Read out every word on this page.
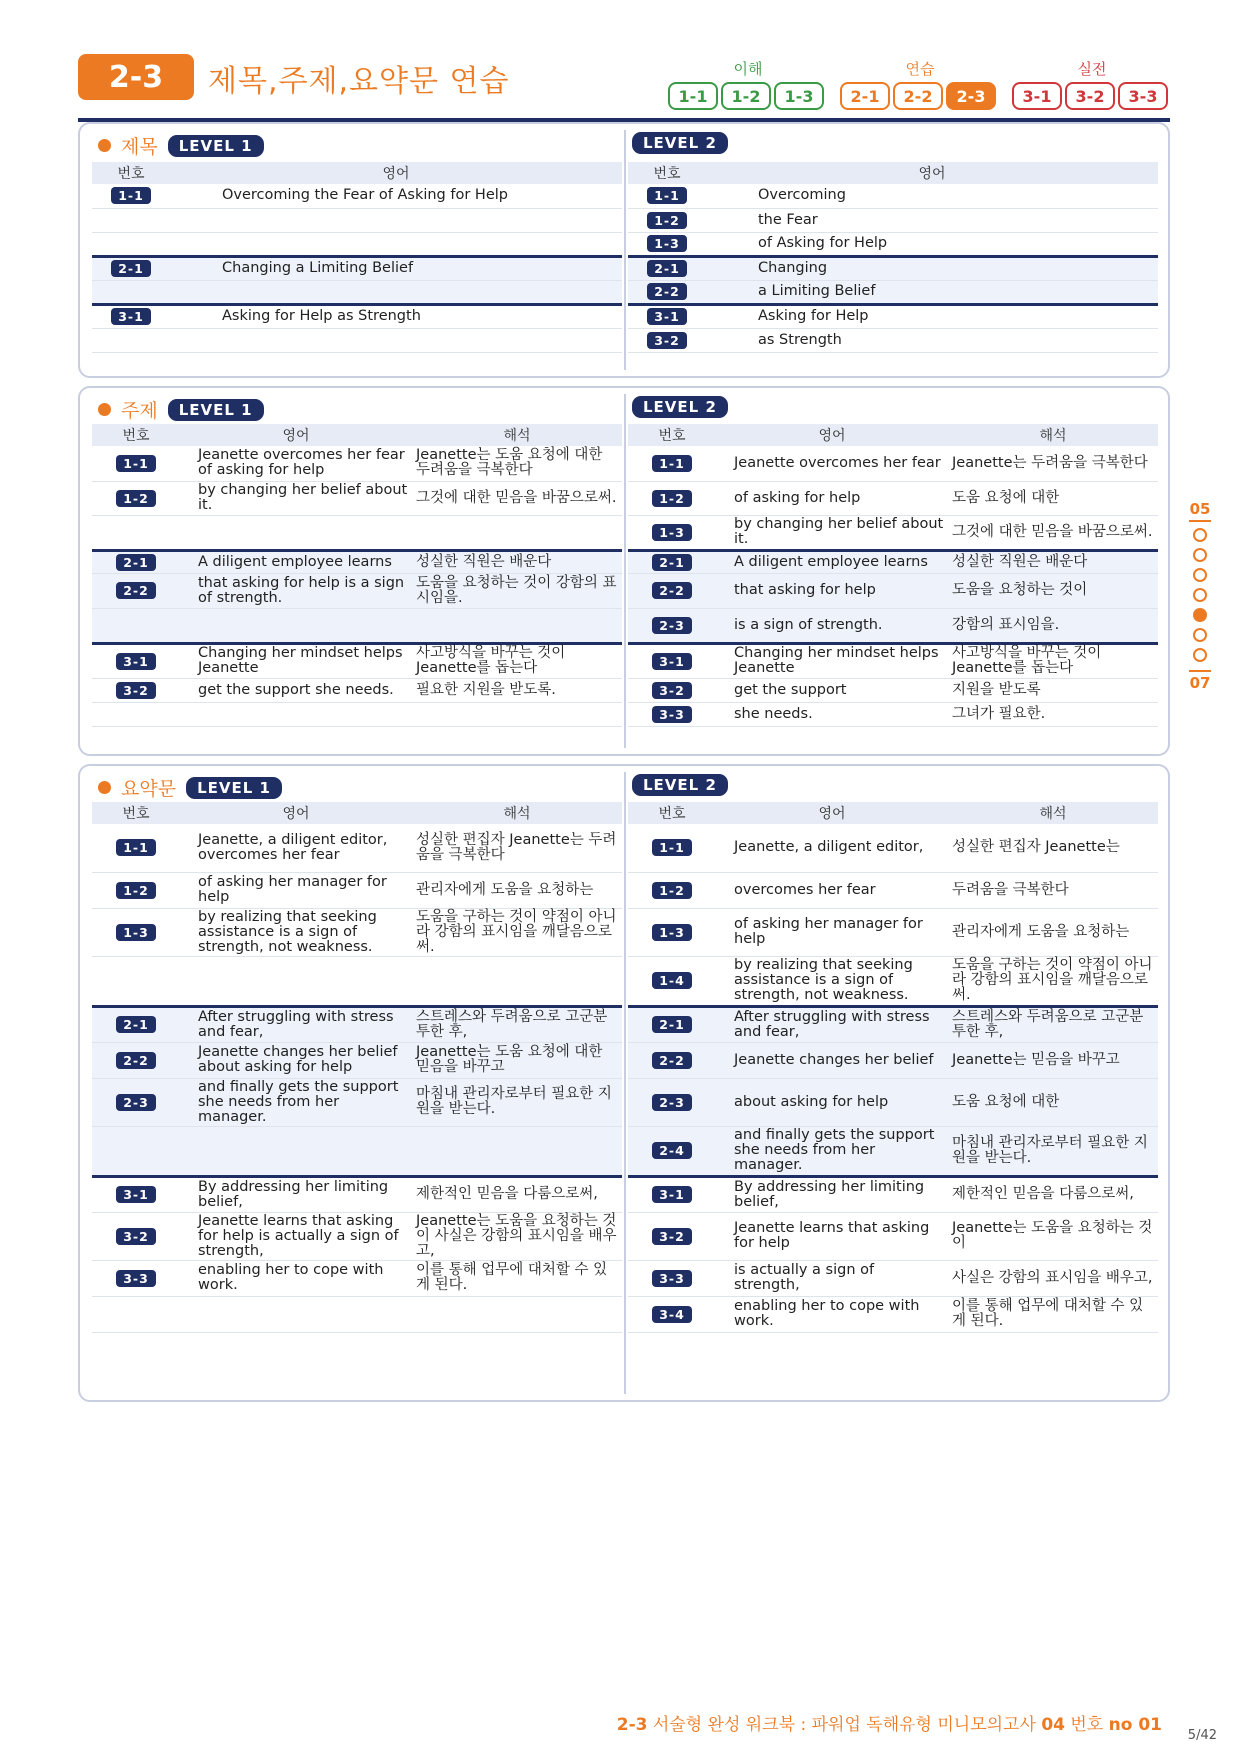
2-3	제목,주제,요약문 연습	이해
1-1	1-2	1-3
연습
2-1	2-2	2-3
실전
3-1	3-2	3-3
제목	LEVEL 1	LEVEL 2
번호	영어
1-1	Overcoming the Fear of Asking for Help

2-1	Changing a Limiting Belief

3-1	Asking for Help as Strength

번호	영어
1-1	Overcoming
1-2	the Fear
1-3	of Asking for Help
2-1	Changing
2-2	a Limiting Belief
3-1	Asking for Help
3-2	as Strength
주제	LEVEL 1	LEVEL 2
번호	영어	해석
1-1	Jeanette overcomes her fear of asking for help	Jeanette는 도움 요청에 대한 두려움을 극복한다
1-2	by changing her belief about it.	그것에 대한 믿음을 바꿈으로써.

2-1	A diligent employee learns	성실한 직원은 배운다
2-2	that asking for help is a sign of strength.	도움을 요청하는 것이 강함의 표시임을.

3-1	Changing her mindset helps Jeanette	사고방식을 바꾸는 것이 Jeanette를 돕는다
3-2	get the support she needs.	필요한 지원을 받도록.

번호	영어	해석
1-1	Jeanette overcomes her fear	Jeanette는 두려움을 극복한다
1-2	of asking for help	도움 요청에 대한
1-3	by changing her belief about it.	그것에 대한 믿음을 바꿈으로써.
2-1	A diligent employee learns	성실한 직원은 배운다
2-2	that asking for help	도움을 요청하는 것이
2-3	is a sign of strength.	강함의 표시임을.
3-1	Changing her mindset helps Jeanette	사고방식을 바꾸는 것이 Jeanette를 돕는다
3-2	get the support	지원을 받도록
3-3	she needs.	그녀가 필요한.
요약문	LEVEL 1	LEVEL 2
번호	영어	해석
1-1	Jeanette, a diligent editor, overcomes her fear	성실한 편집자 Jeanette는 두려움을 극복한다
1-2	of asking her manager for help	관리자에게 도움을 요청하는
1-3	by realizing that seeking assistance is a sign of strength, not weakness.	도움을 구하는 것이 약점이 아니라 강함의 표시임을 깨달음으로써.

2-1	After struggling with stress and fear,	스트레스와 두려움으로 고군분투한 후,
2-2	Jeanette changes her belief about asking for help	Jeanette는 도움 요청에 대한 믿음을 바꾸고
2-3	and finally gets the support she needs from her manager.	마침내 관리자로부터 필요한 지원을 받는다.

3-1	By addressing her limiting belief,	제한적인 믿음을 다룸으로써,
3-2	Jeanette learns that asking for help is actually a sign of strength,	Jeanette는 도움을 요청하는 것이 사실은 강함의 표시임을 배우고,
3-3	enabling her to cope with work.	이를 통해 업무에 대처할 수 있게 된다.

번호	영어	해석
1-1	Jeanette, a diligent editor,	성실한 편집자 Jeanette는
1-2	overcomes her fear	두려움을 극복한다
1-3	of asking her manager for help	관리자에게 도움을 요청하는
1-4	by realizing that seeking assistance is a sign of strength, not weakness.	도움을 구하는 것이 약점이 아니라 강함의 표시임을 깨달음으로써.
2-1	After struggling with stress and fear,	스트레스와 두려움으로 고군분투한 후,
2-2	Jeanette changes her belief	Jeanette는 믿음을 바꾸고
2-3	about asking for help	도움 요청에 대한
2-4	and finally gets the support she needs from her manager.	마침내 관리자로부터 필요한 지원을 받는다.
3-1	By addressing her limiting belief,	제한적인 믿음을 다룸으로써,
3-2	Jeanette learns that asking for help	Jeanette는 도움을 요청하는 것이
3-3	is actually a sign of strength,	사실은 강함의 표시임을 배우고,
3-4	enabling her to cope with work.	이를 통해 업무에 대처할 수 있게 된다.
05
07
2-3 서술형 완성 워크북 : 파워업 독해유형 미니모의고사 04 번호 no 01
5/42
